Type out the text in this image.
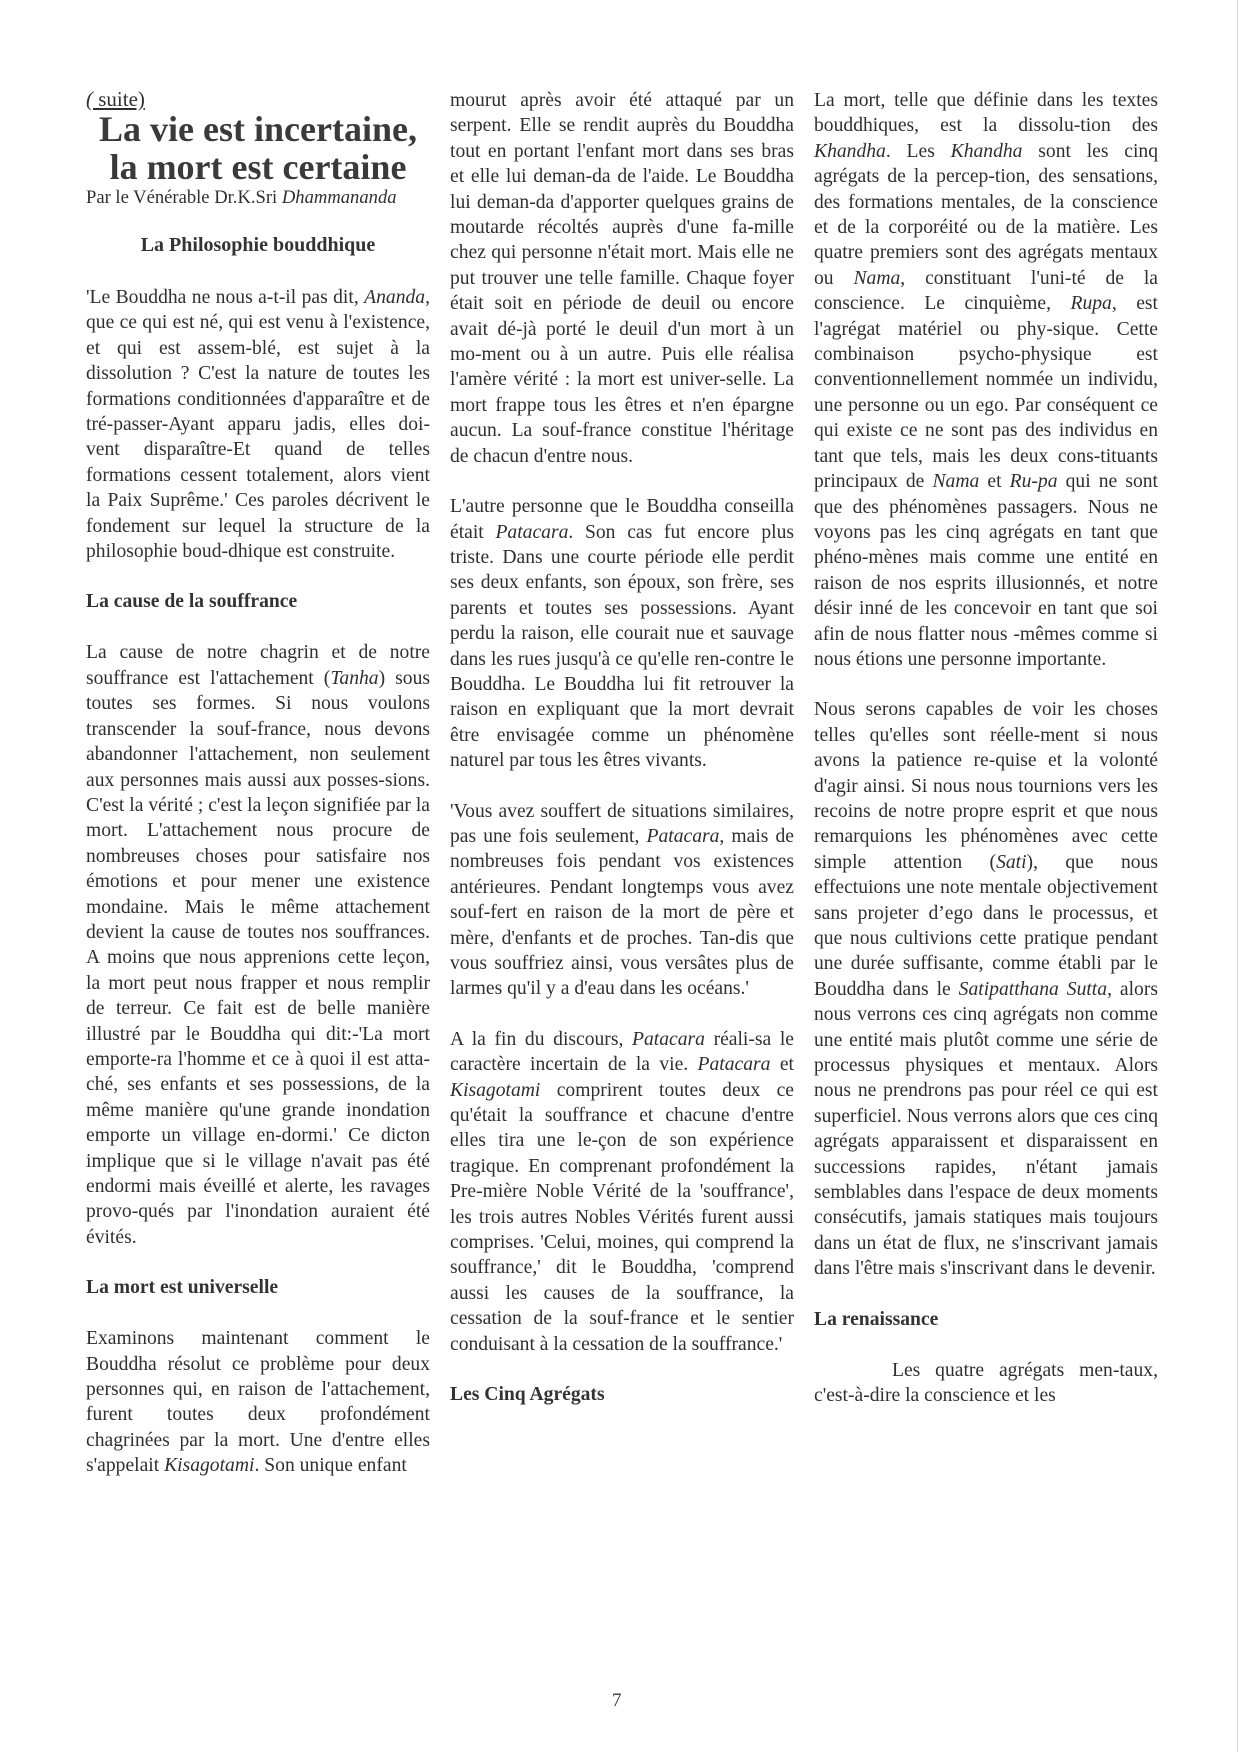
( suite)

La vie est incertaine,
la mort est certaine

Par le Vénérable Dr.K.Sri Dhammananda

La Philosophie bouddhique

'Le Bouddha ne nous a-t-il pas dit, Ananda, que ce qui est né, qui est venu à l'existence, et qui est assem-blé, est sujet à la dissolution ? C'est la nature de toutes les formations conditionnées d'apparaître et de tré-passer-Ayant apparu jadis, elles doi-vent disparaître-Et quand de telles formations cessent totalement, alors vient la Paix Suprême.' Ces paroles décrivent le fondement sur lequel la structure de la philosophie boud-dhique est construite.

La cause de la souffrance

La cause de notre chagrin et de notre souffrance est l'attachement (Tanha) sous toutes ses formes. Si nous voulons transcender la souf-france, nous devons abandonner l'attachement, non seulement aux personnes mais aussi aux posses-sions. C'est la vérité ; c'est la leçon signifiée par la mort. L'attachement nous procure de nombreuses choses pour satisfaire nos émotions et pour mener une existence mondaine. Mais le même attachement devient la cause de toutes nos souffrances. A moins que nous apprenions cette leçon, la mort peut nous frapper et nous remplir de terreur. Ce fait est de belle manière illustré par le Bouddha qui dit:-'La mort emporte-ra l'homme et ce à quoi il est atta-ché, ses enfants et ses possessions, de la même manière qu'une grande inondation emporte un village en-dormi.' Ce dicton implique que si le village n'avait pas été endormi mais éveillé et alerte, les ravages provo-qués par l'inondation auraient été évités.

La mort est universelle

Examinons maintenant comment le Bouddha résolut ce problème pour deux personnes qui, en raison de l'attachement, furent toutes deux profondément chagrinées par la mort. Une d'entre elles s'appelait Kisagotami. Son unique enfant

mourut après avoir été attaqué par un serpent. Elle se rendit auprès du Bouddha tout en portant l'enfant mort dans ses bras et elle lui deman-da de l'aide. Le Bouddha lui deman-da d'apporter quelques grains de moutarde récoltés auprès d'une fa-mille chez qui personne n'était mort. Mais elle ne put trouver une telle famille. Chaque foyer était soit en période de deuil ou encore avait dé-jà porté le deuil d'un mort à un mo-ment ou à un autre. Puis elle réalisa l'amère vérité : la mort est univer-selle. La mort frappe tous les êtres et n'en épargne aucun. La souf-france constitue l'héritage de chacun d'entre nous.

L'autre personne que le Bouddha conseilla était Patacara. Son cas fut encore plus triste. Dans une courte période elle perdit ses deux enfants, son époux, son frère, ses parents et toutes ses possessions. Ayant perdu la raison, elle courait nue et sauvage dans les rues jusqu'à ce qu'elle ren-contre le Bouddha. Le Bouddha lui fit retrouver la raison en expliquant que la mort devrait être envisagée comme un phénomène naturel par tous les êtres vivants.

'Vous avez souffert de situations similaires, pas une fois seulement, Patacara, mais de nombreuses fois pendant vos existences antérieures. Pendant longtemps vous avez souf-fert en raison de la mort de père et mère, d'enfants et de proches. Tan-dis que vous souffriez ainsi, vous versâtes plus de larmes qu'il y a d'eau dans les océans.'

A la fin du discours, Patacara réali-sa le caractère incertain de la vie. Patacara et Kisagotami comprirent toutes deux ce qu'était la souffrance et chacune d'entre elles tira une le-çon de son expérience tragique. En comprenant profondément la Pre-mière Noble Vérité de la 'souffrance', les trois autres Nobles Vérités furent aussi comprises. 'Celui, moines, qui comprend la souffrance,' dit le Bouddha, 'comprend aussi les causes de la souffrance, la cessation de la souf-france et le sentier conduisant à la cessation de la souffrance.'

Les Cinq Agrégats

La mort, telle que définie dans les textes bouddhiques, est la dissolu-tion des Khandha. Les Khandha sont les cinq agrégats de la percep-tion, des sensations, des formations mentales, de la conscience et de la corporéité ou de la matière. Les quatre premiers sont des agrégats mentaux ou Nama, constituant l'uni-té de la conscience. Le cinquième, Rupa, est l'agrégat matériel ou phy-sique. Cette combinaison psycho-physique est conventionnellement nommée un individu, une personne ou un ego. Par conséquent ce qui existe ce ne sont pas des individus en tant que tels, mais les deux cons-tituants principaux de Nama et Ru-pa qui ne sont que des phénomènes passagers. Nous ne voyons pas les cinq agrégats en tant que phéno-mènes mais comme une entité en raison de nos esprits illusionnés, et notre désir inné de les concevoir en tant que soi afin de nous flatter nous -mêmes comme si nous étions une personne importante.

Nous serons capables de voir les choses telles qu'elles sont réelle-ment si nous avons la patience re-quise et la volonté d'agir ainsi. Si nous nous tournions vers les recoins de notre propre esprit et que nous remarquions les phénomènes avec cette simple attention (Sati), que nous effectuions une note mentale objectivement sans projeter d’ego dans le processus, et que nous cultivions cette pratique pendant une durée suffisante, comme établi par le Bouddha dans le Satipatthana Sutta, alors nous verrons ces cinq agrégats non comme une entité mais plutôt comme une série de processus physiques et mentaux. Alors nous ne prendrons pas pour réel ce qui est superficiel. Nous verrons alors que ces cinq agrégats apparaissent et disparaissent en successions rapides, n'étant jamais semblables dans l'espace de deux moments consécutifs, jamais statiques mais toujours dans un état de flux, ne s'inscrivant jamais dans l'être mais s'inscrivant dans le devenir.

La renaissance

Les quatre agrégats men-taux, c'est-à-dire la conscience et les

7
